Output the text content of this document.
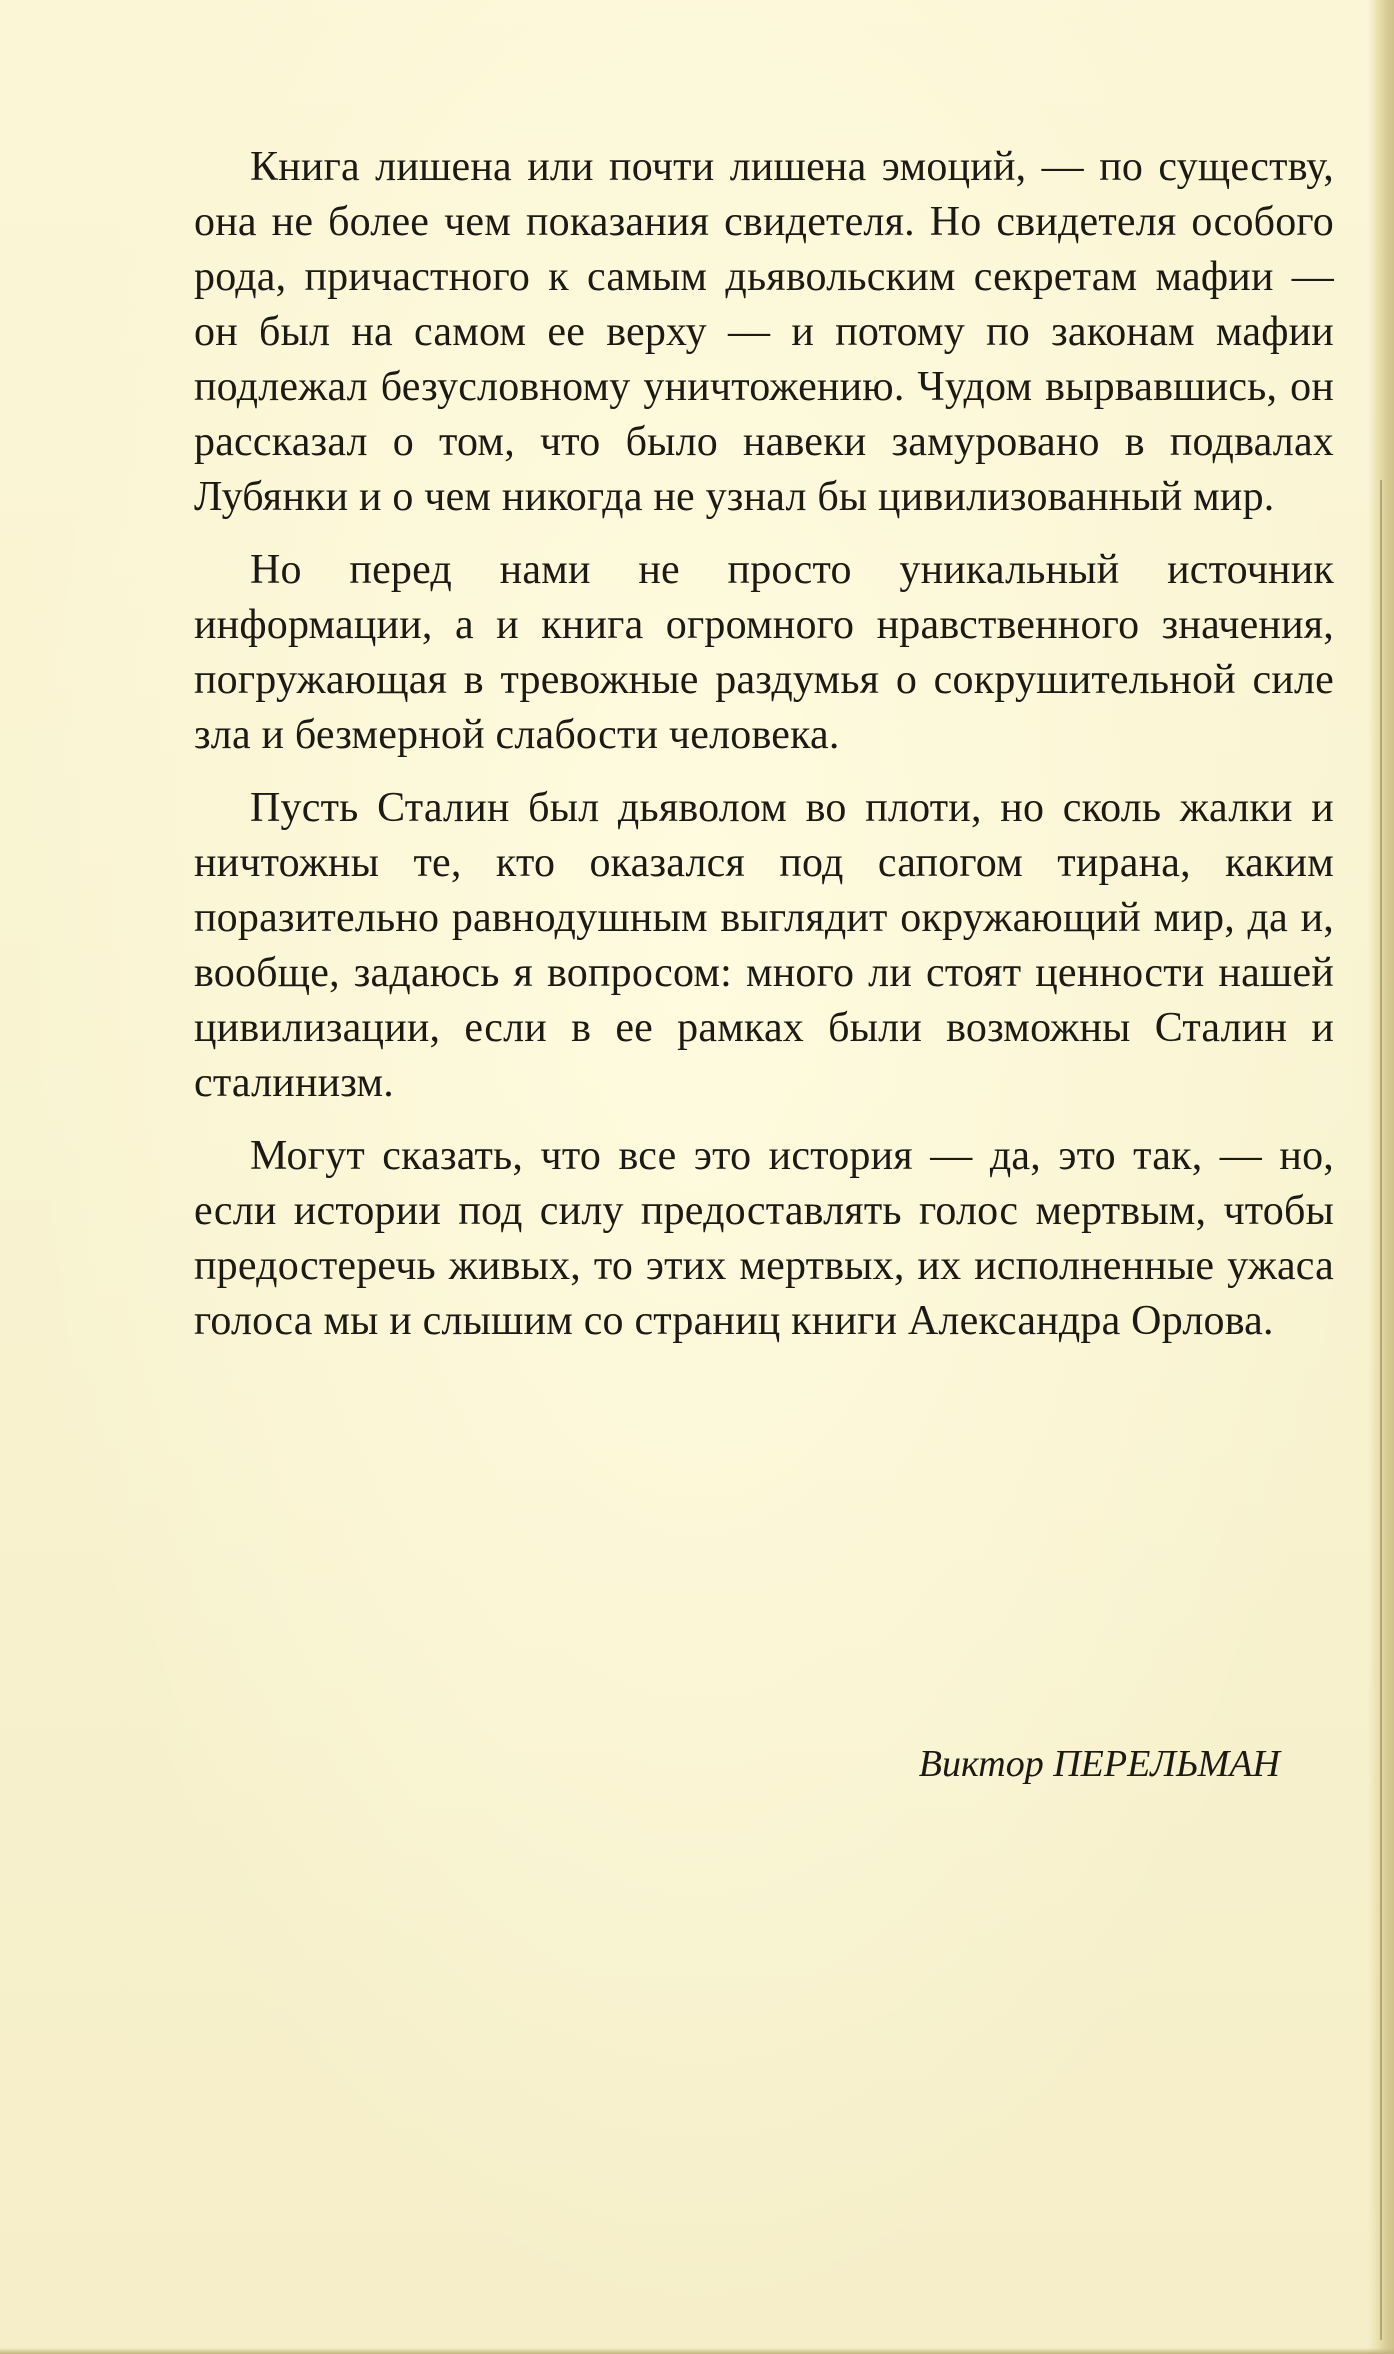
Книга лишена или почти лишена эмоций, — по существу, она не более чем показания свидетеля. Но свидетеля особого рода, причастного к самым дьявольским секретам мафии — он был на самом ее верху — и потому по законам мафии подлежал безусловному уничтожению. Чудом вырвавшись, он рассказал о том, что было навеки замуровано в подвалах Лубянки и о чем никогда не узнал бы цивилизованный мир.

Но перед нами не просто уникальный источник информации, а и книга огромного нравственного значения, погружающая в тревожные раздумья о сокрушительной силе зла и безмерной слабости человека.

Пусть Сталин был дьяволом во плоти, но сколь жалки и ничтожны те, кто оказался под сапогом тирана, каким поразительно равнодушным выглядит окружающий мир, да и, вообще, задаюсь я вопросом: много ли стоят ценности нашей цивилизации, если в ее рамках были возможны Сталин и сталинизм.

Могут сказать, что все это история — да, это так, — но, если истории под силу предоставлять голос мертвым, чтобы предостеречь живых, то этих мертвых, их исполненные ужаса голоса мы и слышим со страниц книги Александра Орлова.

Виктор ПЕРЕЛЬМАН
